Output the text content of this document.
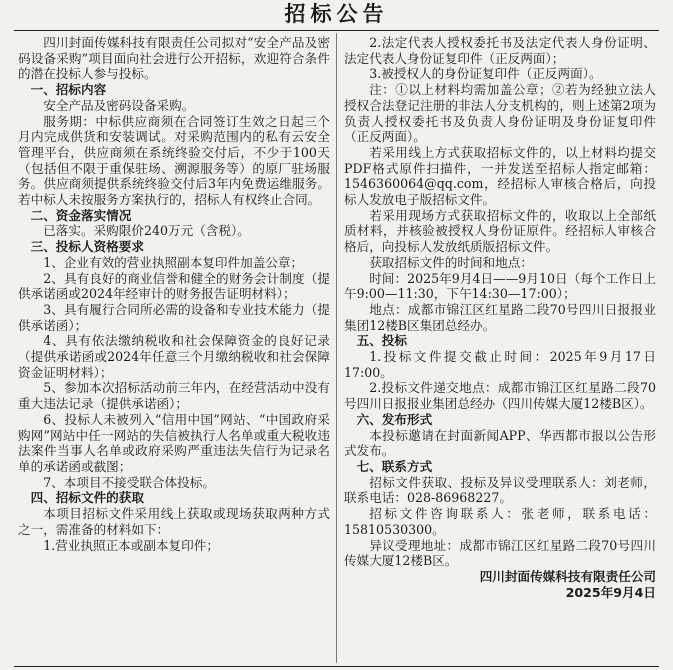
招标公告

四川封面传媒科技有限责任公司拟对“安全产品及密码设备采购”项目面向社会进行公开招标，欢迎符合条件的潜在投标人参与投标。

一、招标内容

安全产品及密码设备采购。

服务期：中标供应商须在合同签订生效之日起三个月内完成供货和安装调试。对采购范围内的私有云安全管理平台，供应商须在系统终验交付后，不少于100天（包括但不限于重保驻场、溯源服务等）的原厂驻场服务。供应商须提供系统终验交付后3年内免费运维服务。若中标人未按服务方案执行的，招标人有权终止合同。

二、资金落实情况

已落实。采购限价240万元（含税）。

三、投标人资格要求

1、企业有效的营业执照副本复印件加盖公章；

2、具有良好的商业信誉和健全的财务会计制度（提供承诺函或2024年经审计的财务报告证明材料）；

3、具有履行合同所必需的设备和专业技术能力（提供承诺函）；

4、具有依法缴纳税收和社会保障资金的良好记录（提供承诺函或2024年任意三个月缴纳税收和社会保障资金证明材料）；

5、参加本次招标活动前三年内，在经营活动中没有重大违法记录（提供承诺函）；

6、投标人未被列入“信用中国”网站、“中国政府采购网”网站中任一网站的失信被执行人名单或重大税收违法案件当事人名单或政府采购严重违法失信行为记录名单的承诺函或截图；

7、本项目不接受联合体投标。

四、招标文件的获取

本项目招标文件采用线上获取或现场获取两种方式之一，需准备的材料如下：

1.营业执照正本或副本复印件；

2.法定代表人授权委托书及法定代表人身份证明、法定代表人身份证复印件（正反两面）；

3.被授权人的身份证复印件（正反两面）。

注：①以上材料均需加盖公章；②若为经独立法人授权合法登记注册的非法人分支机构的，则上述第2项为负责人授权委托书及负责人身份证明及身份证复印件（正反两面）。

若采用线上方式获取招标文件的，以上材料均提交PDF格式原件扫描件，一并发送至招标人指定邮箱：1546360064@qq.com，经招标人审核合格后，向投标人发放电子版招标文件。

若采用现场方式获取招标文件的，收取以上全部纸质材料，并核验被授权人身份证原件。经招标人审核合格后，向投标人发放纸质版招标文件。

获取招标文件的时间和地点：

时间：2025年9月4日——9月10日（每个工作日上午9:00—11:30，下午14:30—17:00）；

地点：成都市锦江区红星路二段70号四川日报报业集团12楼B区集团总经办。

五、投标

1.投标文件提交截止时间：2025年9月17日17:00。

2.投标文件递交地点：成都市锦江区红星路二段70号四川日报报业集团总经办（四川传媒大厦12楼B区）。

六、发布形式

本投标邀请在封面新闻APP、华西都市报以公告形式发布。

七、联系方式

招标文件获取、投标及异议受理联系人：刘老师，联系电话：028-86968227。

招标文件咨询联系人：张老师，联系电话：15810530300。

异议受理地址：成都市锦江区红星路二段70号四川传媒大厦12楼B区。

四川封面传媒科技有限责任公司
2025年9月4日
